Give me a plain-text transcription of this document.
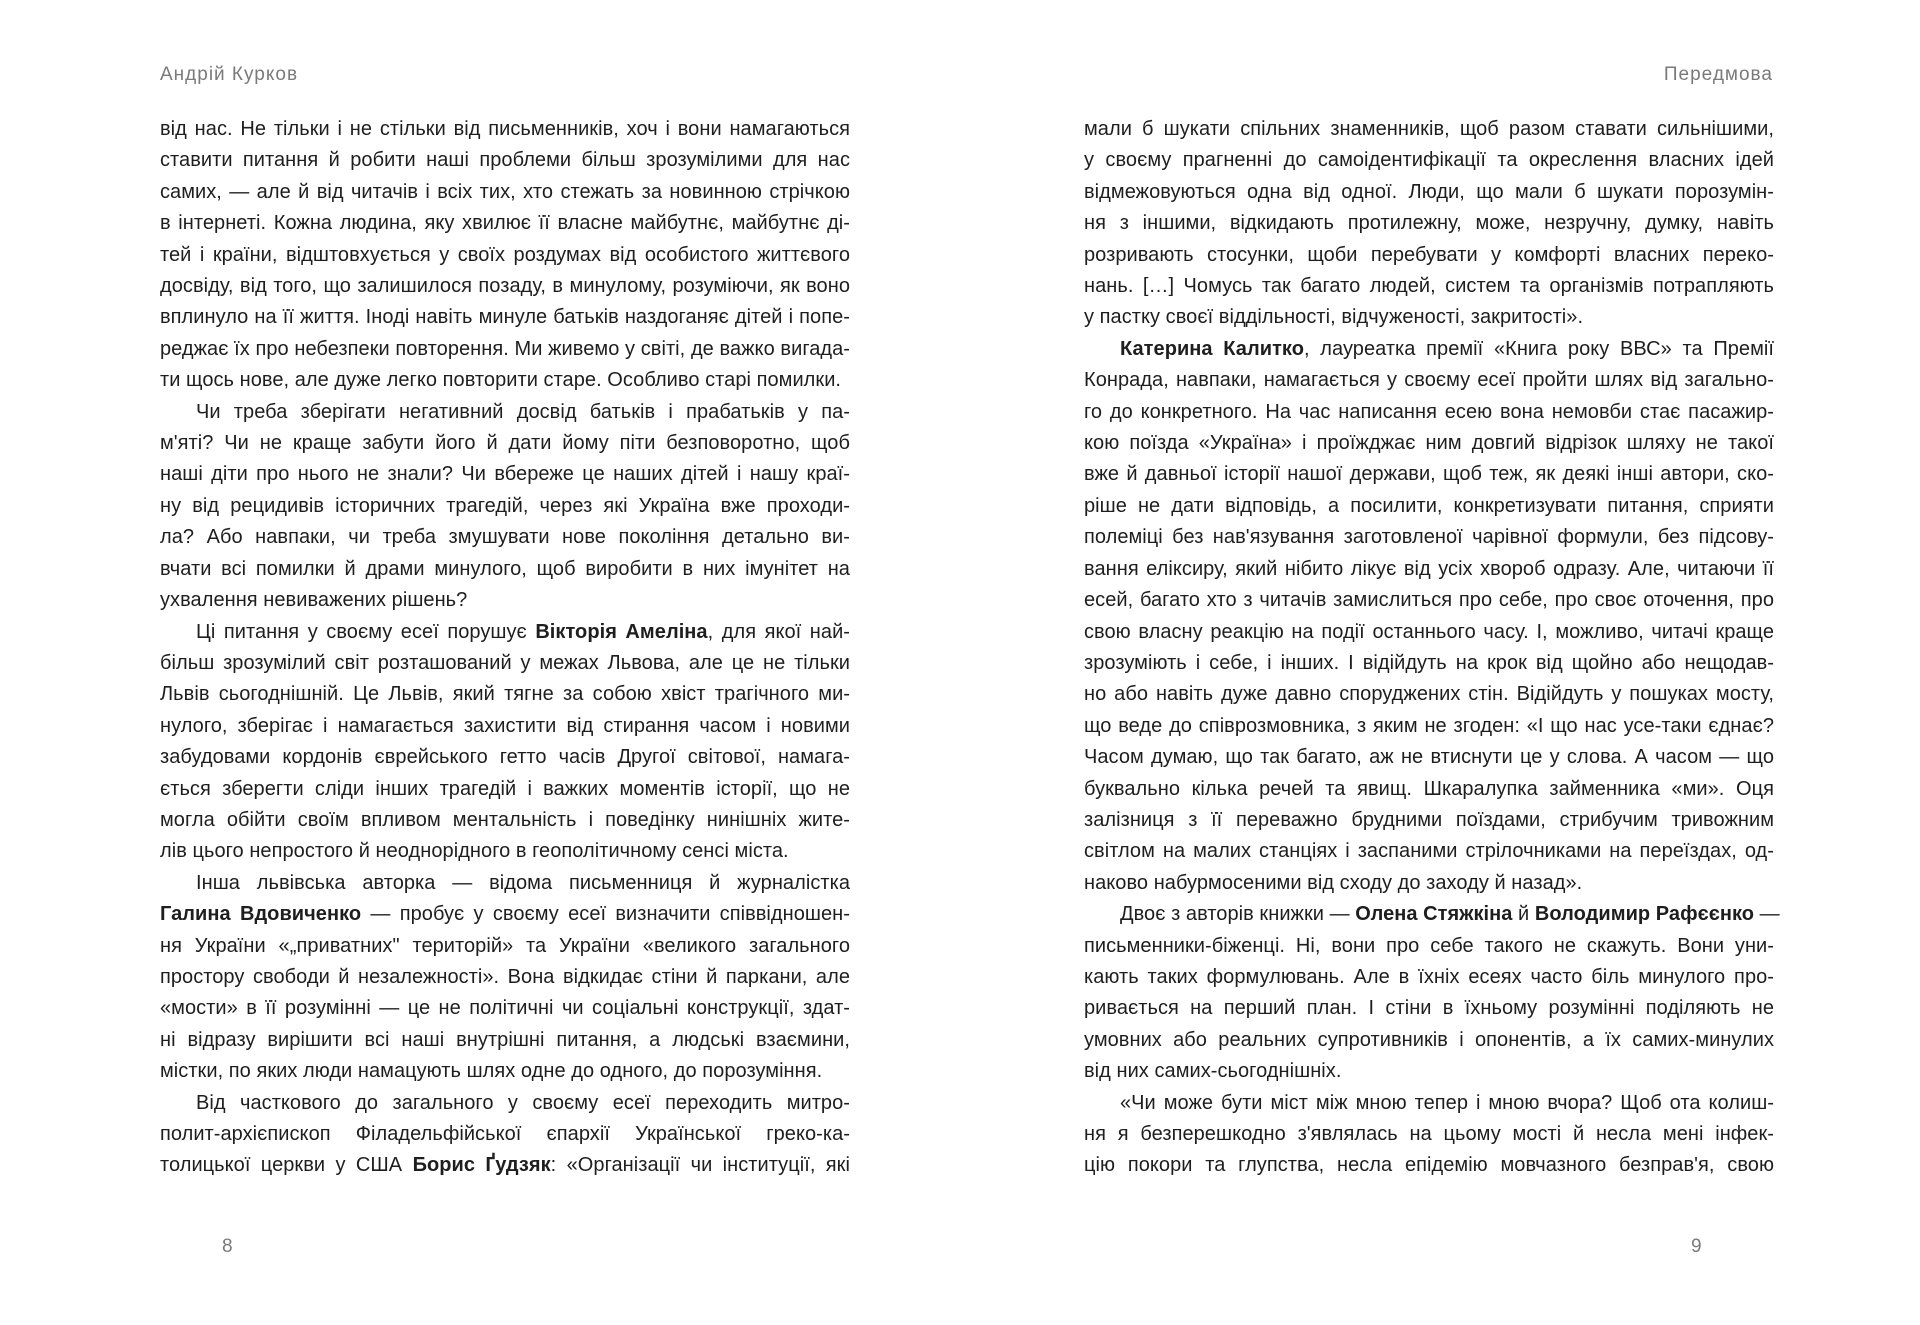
Андрій Курков
від нас. Не тільки і не стільки від письменників, хоч і вони намагаються
ставити питання й робити наші проблеми більш зрозумілими для нас
самих, — але й від читачів і всіх тих, хто стежать за новинною стрічкою
в інтернеті. Кожна людина, яку хвилює її власне майбутнє, майбутнє ді-
тей і країни, відштовхується у своїх роздумах від особистого життєвого
досвіду, від того, що залишилося позаду, в минулому, розуміючи, як воно
вплинуло на її життя. Іноді навіть минуле батьків наздоганяє дітей і попе-
реджає їх про небезпеки повторення. Ми живемо у світі, де важко вигада-
ти щось нове, але дуже легко повторити старе. Особливо старі помилки.
Чи треба зберігати негативний досвід батьків і прабатьків у па-
м'яті? Чи не краще забути його й дати йому піти безповоротно, щоб
наші діти про нього не знали? Чи вбереже це наших дітей і нашу краї-
ну від рецидивів історичних трагедій, через які Україна вже проходи-
ла? Або навпаки, чи треба змушувати нове покоління детально ви-
вчати всі помилки й драми минулого, щоб виробити в них імунітет на
ухвалення невиважених рішень?
Ці питання у своєму есеї порушує Вікторія Амеліна, для якої най-
більш зрозумілий світ розташований у межах Львова, але це не тільки
Львів сьогоднішній. Це Львів, який тягне за собою хвіст трагічного ми-
нулого, зберігає і намагається захистити від стирання часом і новими
забудовами кордонів єврейського гетто часів Другої світової, намага-
ється зберегти сліди інших трагедій і важких моментів історії, що не
могла обійти своїм впливом ментальність і поведінку нинішніх жите-
лів цього непростого й неоднорідного в геополітичному сенсі міста.
Інша львівська авторка — відома письменниця й журналістка
Галина Вдовиченко — пробує у своєму есеї визначити співвідношен-
ня України «„приватних" територій» та України «великого загального
простору свободи й незалежності». Вона відкидає стіни й паркани, але
«мости» в її розумінні — це не політичні чи соціальні конструкції, здат-
ні відразу вирішити всі наші внутрішні питання, а людські взаємини,
містки, по яких люди намацують шлях одне до одного, до порозуміння.
Від часткового до загального у своєму есеї переходить митро-
полит-архієпископ Філадельфійської єпархії Української греко-ка-
толицької церкви у США Борис Ґудзяк: «Організації чи інституції, які
8
Передмова
мали б шукати спільних знаменників, щоб разом ставати сильнішими,
у своєму прагненні до самоідентифікації та окреслення власних ідей
відмежовуються одна від одної. Люди, що мали б шукати порозумін-
ня з іншими, відкидають протилежну, може, незручну, думку, навіть
розривають стосунки, щоби перебувати у комфорті власних переко-
нань. […] Чомусь так багато людей, систем та організмів потрапляють
у пастку своєї віддільності, відчуженості, закритості».
Катерина Калитко, лауреатка премії «Книга року ВВС» та Премії
Конрада, навпаки, намагається у своєму есеї пройти шлях від загально-
го до конкретного. На час написання есею вона немовби стає пасажир-
кою поїзда «Україна» і проїжджає ним довгий відрізок шляху не такої
вже й давньої історії нашої держави, щоб теж, як деякі інші автори, ско-
ріше не дати відповідь, а посилити, конкретизувати питання, сприяти
полеміці без нав'язування заготовленої чарівної формули, без підсову-
вання еліксиру, який нібито лікує від усіх хвороб одразу. Але, читаючи її
есей, багато хто з читачів замислиться про себе, про своє оточення, про
свою власну реакцію на події останнього часу. І, можливо, читачі краще
зрозуміють і себе, і інших. І відійдуть на крок від щойно або нещодав-
но або навіть дуже давно споруджених стін. Відійдуть у пошуках мосту,
що веде до співрозмовника, з яким не згоден: «І що нас усе-таки єднає?
Часом думаю, що так багато, аж не втиснути це у слова. А часом — що
буквально кілька речей та явищ. Шкаралупка займенника «ми». Оця
залізниця з її переважно брудними поїздами, стрибучим тривожним
світлом на малих станціях і заспаними стрілочниками на переїздах, од-
наково набурмосеними від сходу до заходу й назад».
Двоє з авторів книжки — Олена Стяжкіна й Володимир Рафєєнко —
письменники-біженці. Ні, вони про себе такого не скажуть. Вони уни-
кають таких формулювань. Але в їхніх есеях часто біль минулого про-
ривається на перший план. І стіни в їхньому розумінні поділяють не
умовних або реальних супротивників і опонентів, а їх самих-минулих
від них самих-сьогоднішніх.
«Чи може бути міст між мною тепер і мною вчора? Щоб ота колиш-
ня я безперешкодно з'являлась на цьому мості й несла мені інфек-
цію покори та глупства, несла епідемію мовчазного безправ'я, свою
9
